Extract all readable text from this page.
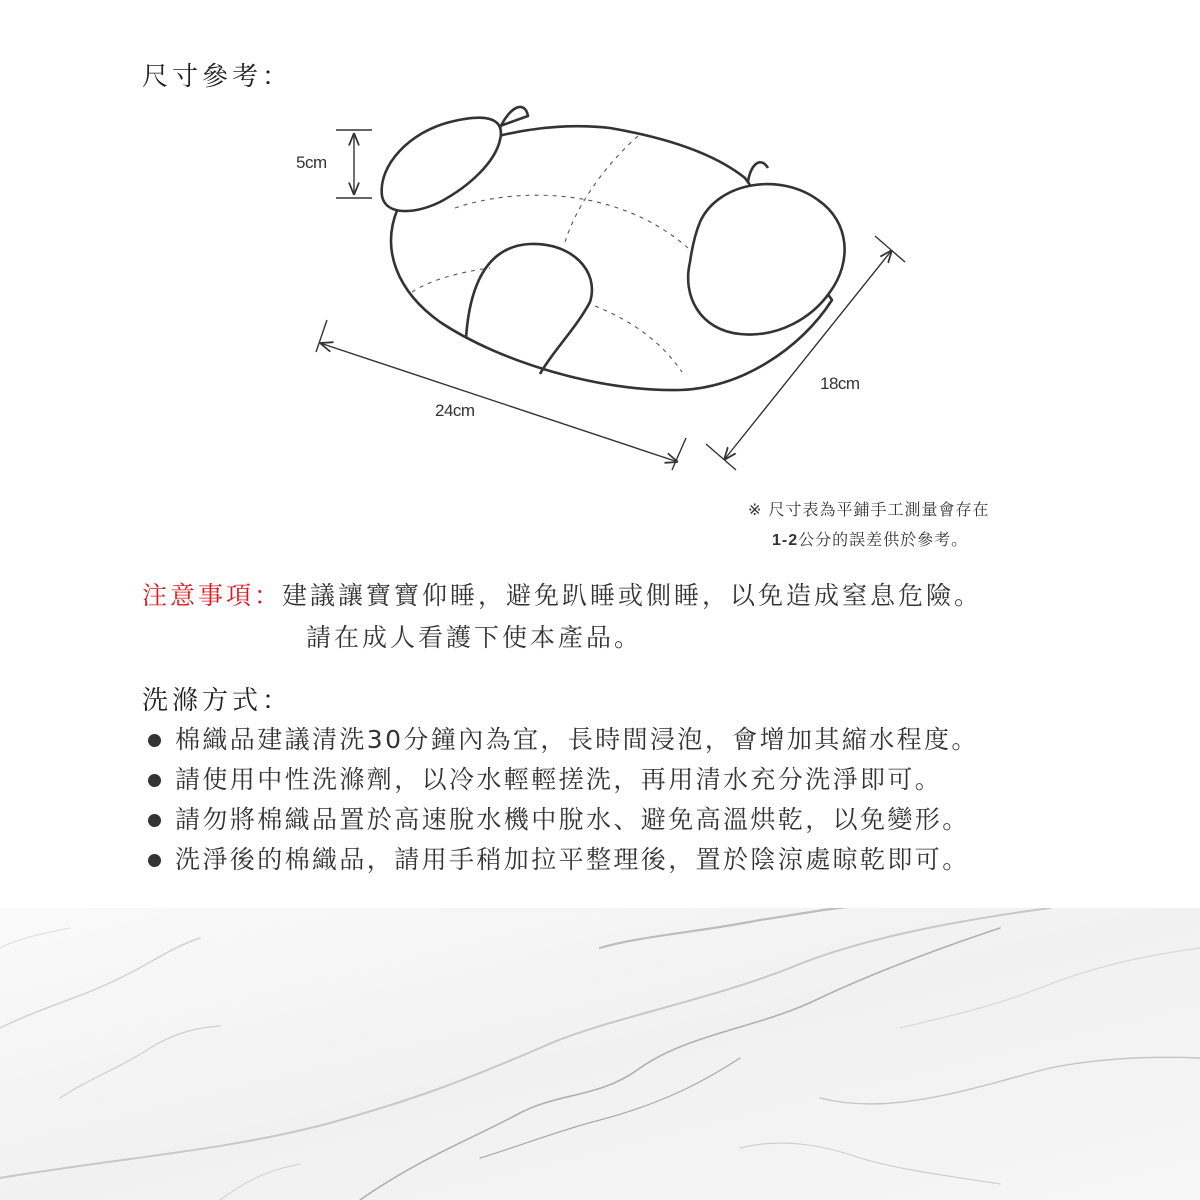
尺寸參考：
5cm
24cm
18cm
※ 尺寸表為平鋪手工測量會存在
1-2公分的誤差供於參考。
注意事項：建議讓寶寶仰睡，避免趴睡或側睡，以免造成窒息危險。
請在成人看護下使本產品。
洗滌方式：
棉織品建議清洗30分鐘內為宜，長時間浸泡，會增加其縮水程度。
請使用中性洗滌劑，以冷水輕輕搓洗，再用清水充分洗淨即可。
請勿將棉織品置於高速脫水機中脫水、避免高溫烘乾，以免變形。
洗淨後的棉織品，請用手稍加拉平整理後，置於陰涼處晾乾即可。
